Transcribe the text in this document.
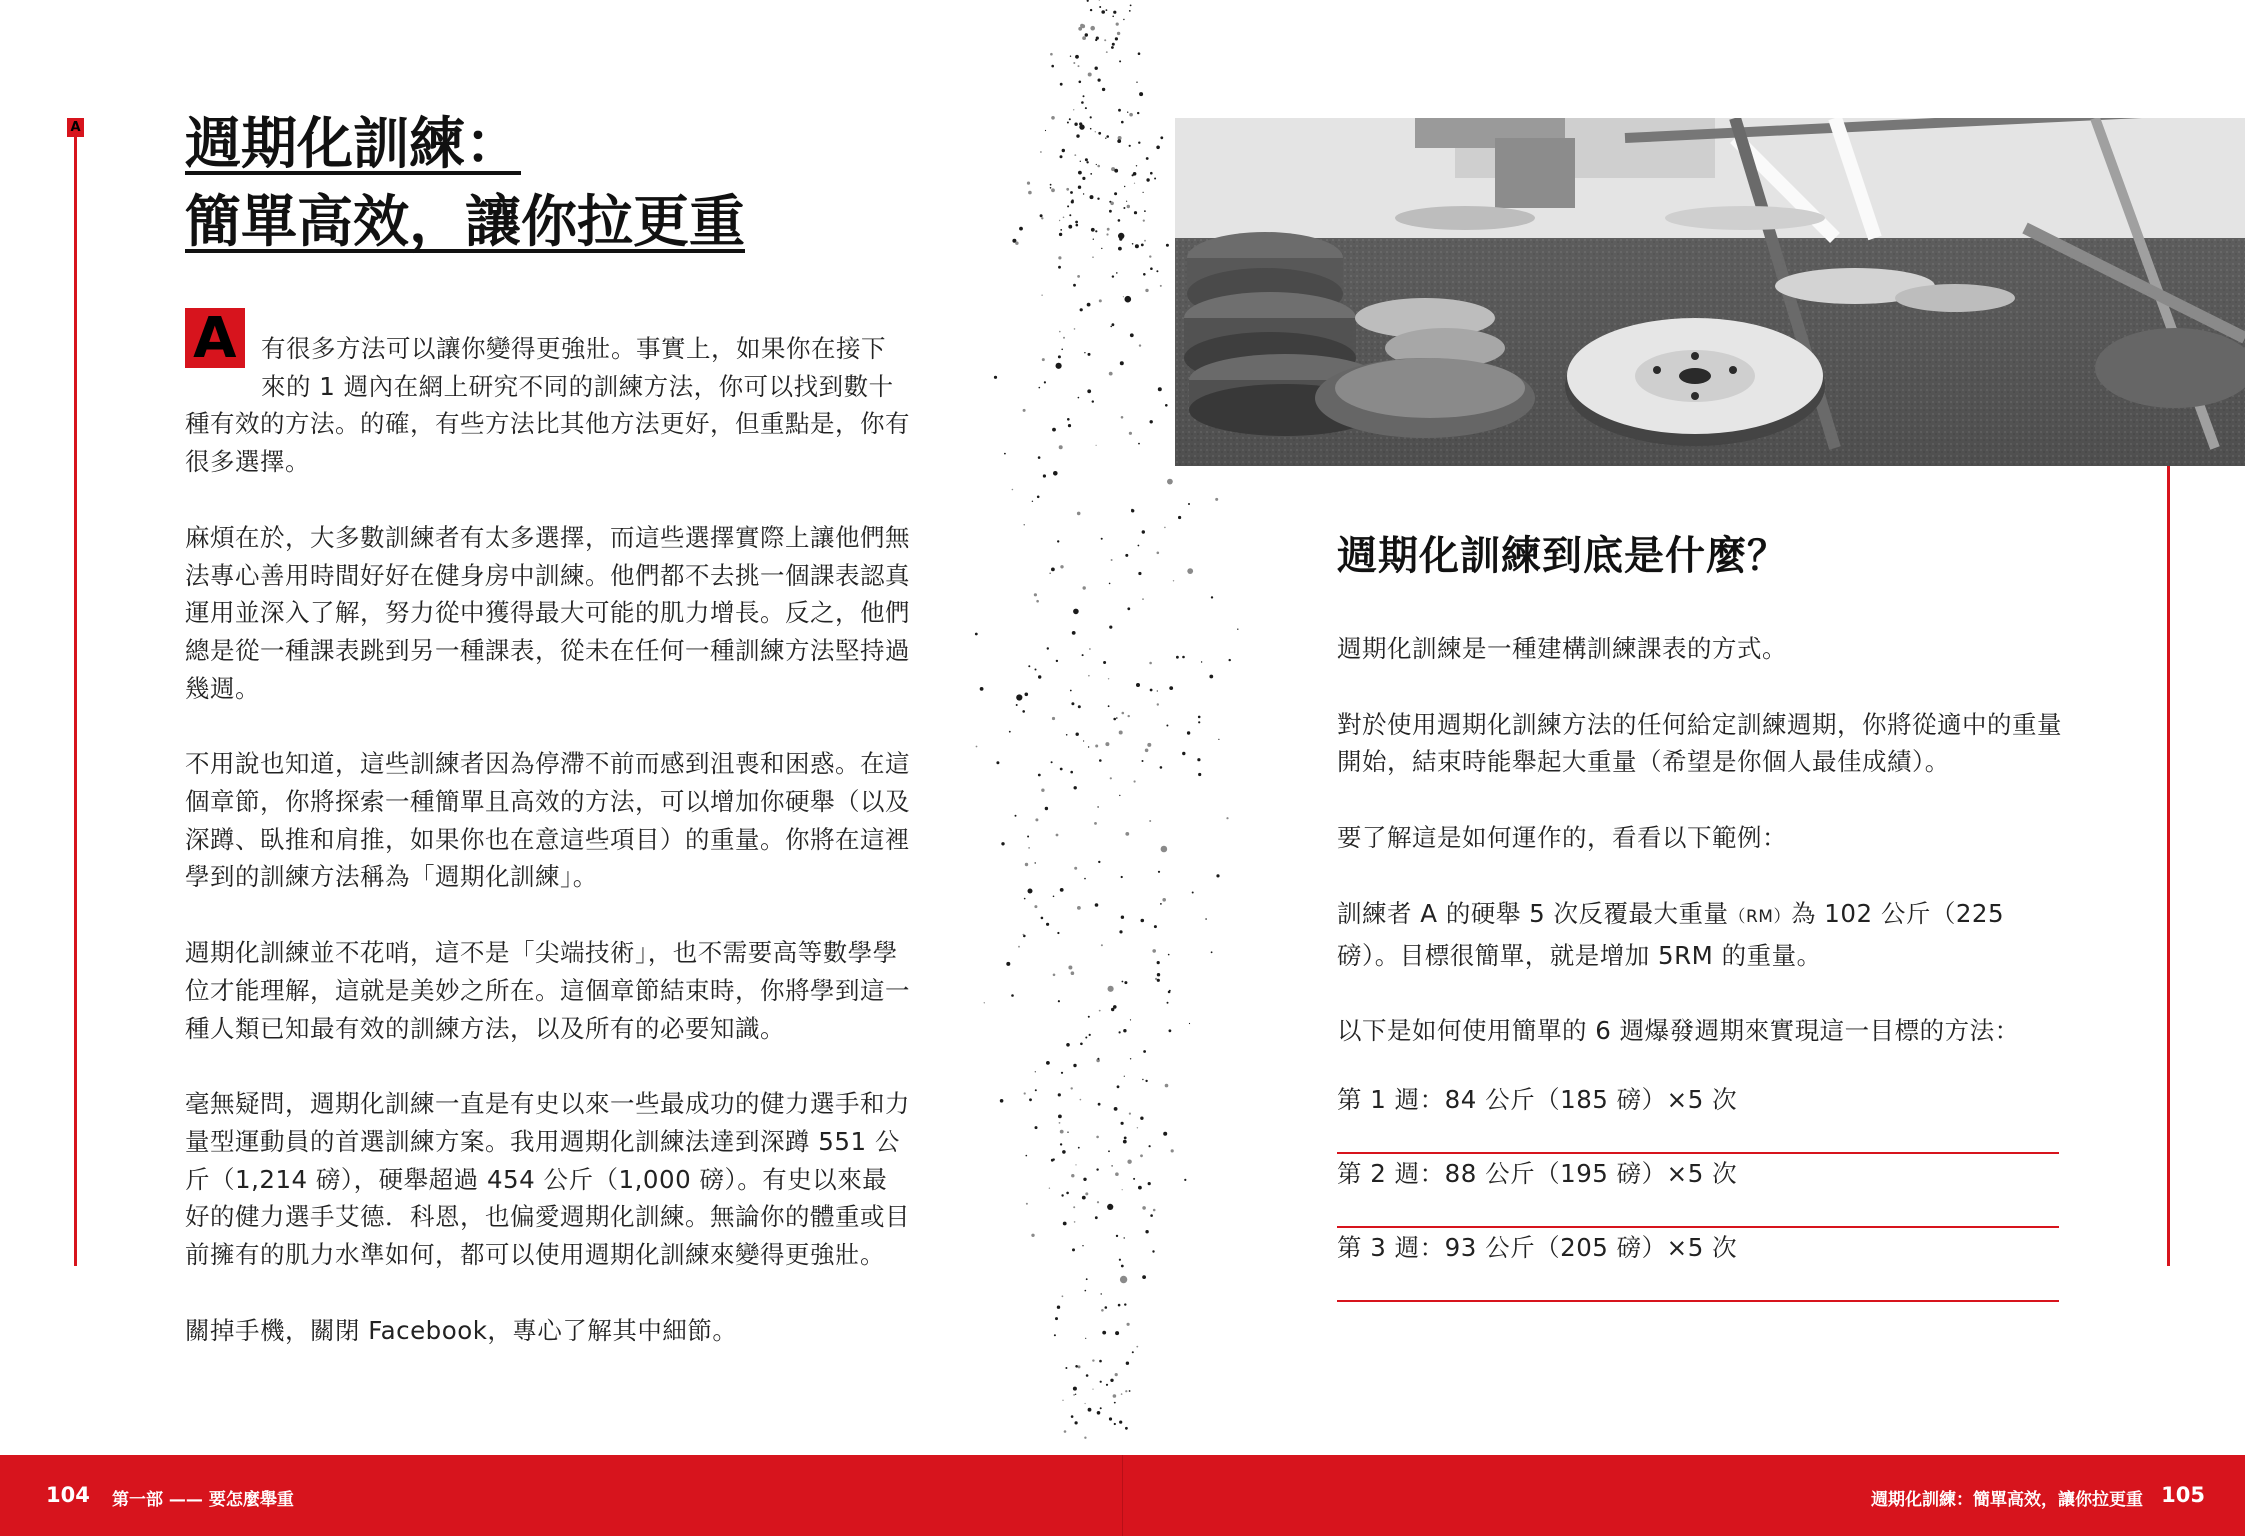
A 週期化訓練：
簡單高效，讓你拉更重

A 有很多方法可以讓你變得更強壯。事實上，如果你在接下來的 1 週內在網上研究不同的訓練方法，你可以找到數十種有效的方法。的確，有些方法比其他方法更好，但重點是，你有很多選擇。

麻煩在於，大多數訓練者有太多選擇，而這些選擇實際上讓他們無法專心善用時間好好在健身房中訓練。他們都不去挑一個課表認真運用並深入了解，努力從中獲得最大可能的肌力增長。反之，他們總是從一種課表跳到另一種課表，從未在任何一種訓練方法堅持過幾週。

不用說也知道，這些訓練者因為停滯不前而感到沮喪和困惑。在這個章節，你將探索一種簡單且高效的方法，可以增加你硬舉（以及深蹲、臥推和肩推，如果你也在意這些項目）的重量。你將在這裡學到的訓練方法稱為「週期化訓練」。

週期化訓練並不花哨，這不是「尖端技術」，也不需要高等數學學位才能理解，這就是美妙之所在。這個章節結束時，你將學到這一種人類已知最有效的訓練方法，以及所有的必要知識。

毫無疑問，週期化訓練一直是有史以來一些最成功的健力選手和力量型運動員的首選訓練方案。我用週期化訓練法達到深蹲 551 公斤（1,214 磅），硬舉超過 454 公斤（1,000 磅）。有史以來最好的健力選手艾德．科恩，也偏愛週期化訓練。無論你的體重或目前擁有的肌力水準如何，都可以使用週期化訓練來變得更強壯。

關掉手機，關閉 Facebook，專心了解其中細節。

週期化訓練到底是什麼？

週期化訓練是一種建構訓練課表的方式。

對於使用週期化訓練方法的任何給定訓練週期，你將從適中的重量開始，結束時能舉起大重量（希望是你個人最佳成績）。

要了解這是如何運作的，看看以下範例：

訓練者 A 的硬舉 5 次反覆最大重量（RM）為 102 公斤（225 磅）。目標很簡單，就是增加 5RM 的重量。

以下是如何使用簡單的 6 週爆發週期來實現這一目標的方法：

第 1 週：84 公斤（185 磅）×5 次

第 2 週：88 公斤（195 磅）×5 次

第 3 週：93 公斤（205 磅）×5 次

104 第一部 —— 要怎麼舉重	週期化訓練：簡單高效，讓你拉更重 105
